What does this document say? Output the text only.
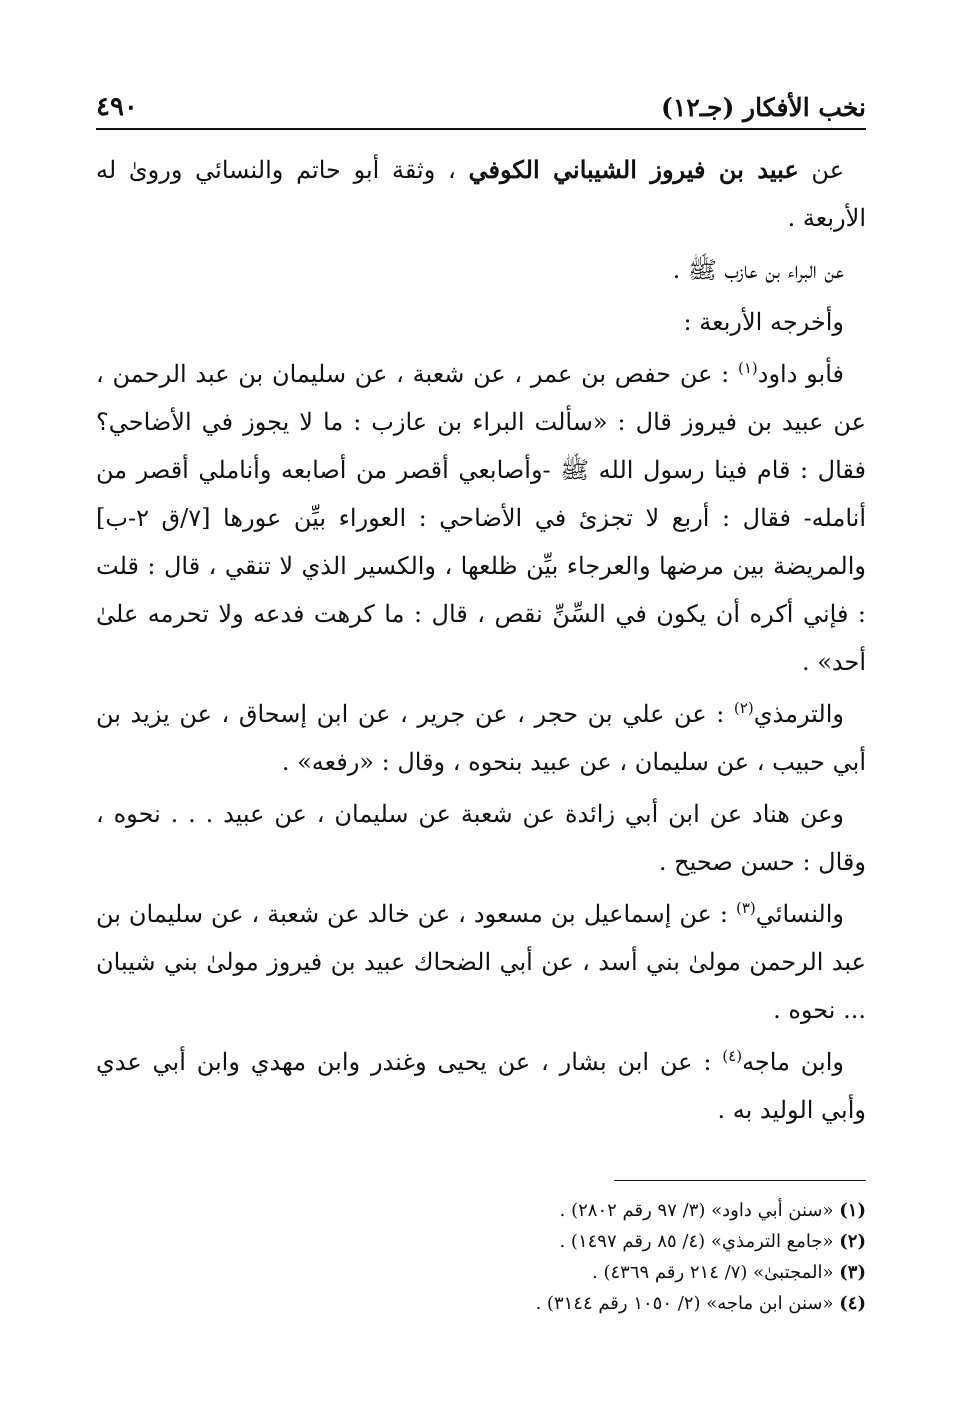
نخب الأفكار (جـ١٢)
٤٩٠

عن عبيد بن فيروز الشيباني الكوفي ، وثقة أبو حاتم والنسائي وروىٰ له الأربعة .

عن البراء بن عازب ﷺ .

وأخرجه الأربعة :

فأبو داود$^{(١)}$ : عن حفص بن عمر ، عن شعبة ، عن سليمان بن عبد الرحمن ، عن عبيد بن فيروز قال : «سألت البراء بن عازب : ما لا يجوز في الأضاحي؟ فقال : قام فينا رسول الله ﷺ -وأصابعي أقصر من أصابعه وأناملي أقصر من أنامله- فقال : أربع لا تجزئ في الأضاحي : العوراء بيِّن عورها [٧/ق ٢-ب] والمريضة بين مرضها والعرجاء بيِّن ظلعها ، والكسير الذي لا تنقي ، قال : قلت : فإني أكره أن يكون في السِّنِّ نقص ، قال : ما كرهت فدعه ولا تحرمه علىٰ أحد» .

والترمذي$^{(٢)}$ : عن علي بن حجر ، عن جرير ، عن ابن إسحاق ، عن يزيد بن أبي حبيب ، عن سليمان ، عن عبيد بنحوه ، وقال : «رفعه» .

وعن هناد عن ابن أبي زائدة عن شعبة عن سليمان ، عن عبيد . . . نحوه ، وقال : حسن صحيح .

والنسائي$^{(٣)}$ : عن إسماعيل بن مسعود ، عن خالد عن شعبة ، عن سليمان بن عبد الرحمن مولىٰ بني أسد ، عن أبي الضحاك عبيد بن فيروز مولىٰ بني شيبان ... نحوه .

وابن ماجه$^{(٤)}$ : عن ابن بشار ، عن يحيى وغندر وابن مهدي وابن أبي عدي وأبي الوليد به .

(١) «سنن أبي داود» (٣/ ٩٧ رقم ٢٨٠٢) .
(٢) «جامع الترمذي» (٤/ ٨٥ رقم ١٤٩٧) .
(٣) «المجتبىٰ» (٧/ ٢١٤ رقم ٤٣٦٩) .
(٤) «سنن ابن ماجه» (٢/ ١٠٥٠ رقم ٣١٤٤) .
